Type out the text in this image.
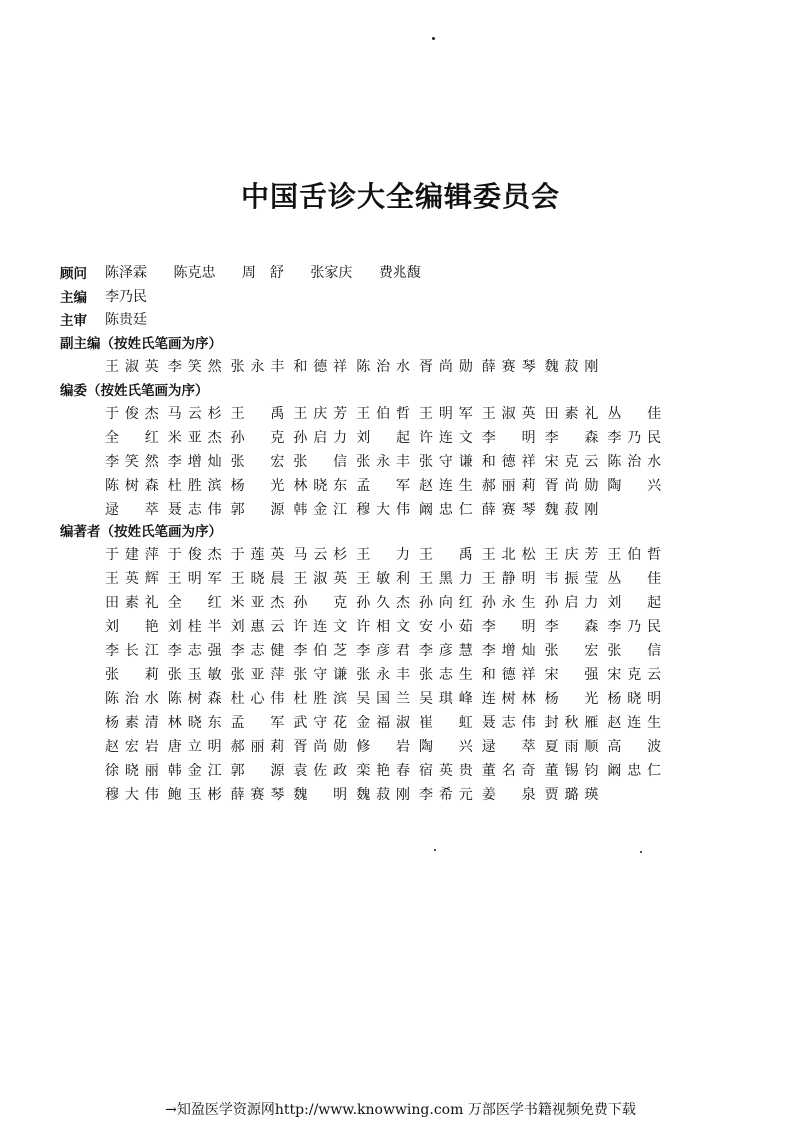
中国舌诊大全编辑委员会
顾问 陈泽霖 陈克忠 周　舒 张家庆 费兆馥
主编 李乃民
主审 陈贵廷
副主编（按姓氏笔画为序）
王淑英 李笑然 张永丰 和德祥 陈治水 胥尚勋 薛赛琴 魏菽刚
编委（按姓氏笔画为序）
于俊杰 马云杉 王　禹 王庆芳 王伯哲 王明军 王淑英 田素礼 丛　佳
全　红 米亚杰 孙　克 孙启力 刘　起 许连文 李　明 李　森 李乃民
李笑然 李增灿 张　宏 张　信 张永丰 张守谦 和德祥 宋克云 陈治水
陈树森 杜胜滨 杨　光 林晓东 孟　军 赵连生 郝丽莉 胥尚勋 陶　兴
逯　萃 聂志伟 郭　源 韩金江 穆大伟 阚忠仁 薛赛琴 魏菽刚
编著者（按姓氏笔画为序）
于建萍 于俊杰 于莲英 马云杉 王　力 王　禹 王北松 王庆芳 王伯哲
王英辉 王明军 王晓晨 王淑英 王敏利 王黑力 王静明 韦振莹 丛　佳
田素礼 全　红 米亚杰 孙　克 孙久杰 孙向红 孙永生 孙启力 刘　起
刘　艳 刘桂半 刘惠云 许连文 许相文 安小茹 李　明 李　森 李乃民
李长江 李志强 李志健 李伯芝 李彦君 李彦慧 李增灿 张　宏 张　信
张　莉 张玉敏 张亚萍 张守谦 张永丰 张志生 和德祥 宋　强 宋克云
陈治水 陈树森 杜心伟 杜胜滨 吴国兰 吴琪峰 连树林 杨　光 杨晓明
杨素清 林晓东 孟　军 武守花 金福淑 崔　虹 聂志伟 封秋雁 赵连生
赵宏岩 唐立明 郝丽莉 胥尚勋 修　岩 陶　兴 逯　萃 夏雨顺 高　波
徐晓丽 韩金江 郭　源 袁佐政 栾艳春 宿英贵 董名奇 董锡钧 阚忠仁
穆大伟 鲍玉彬 薛赛琴 魏　明 魏菽刚 李希元 姜　泉 贾璐瑛

→知盈医学资源网http://www.knowwing.com 万部医学书籍视频免费下载
